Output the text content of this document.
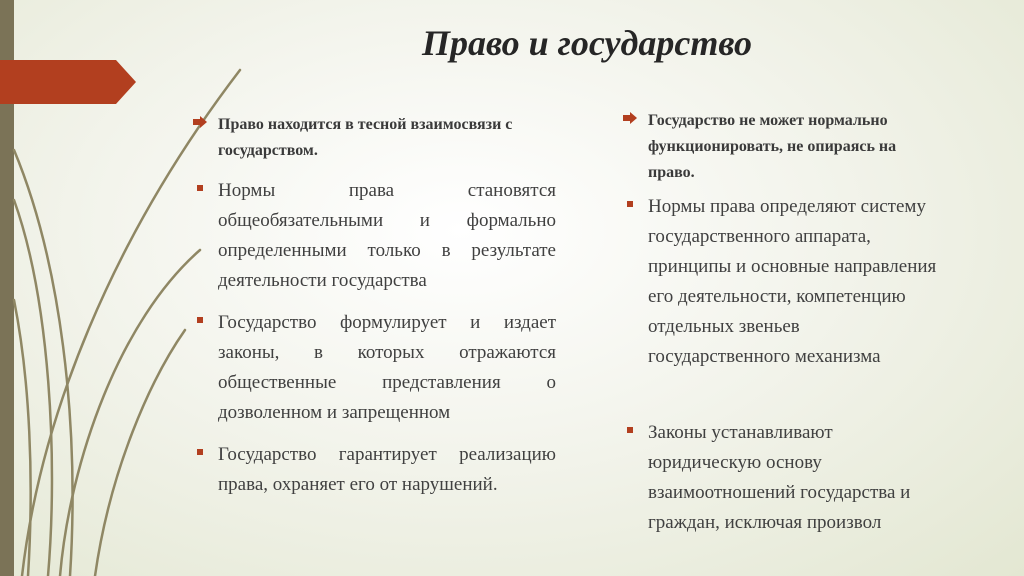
Право и государство
Право находится в тесной взаимосвязи с государством.
Нормы права становятся общеобязательными и формально определенными только в результате деятельности государства
Государство формулирует и издает законы, в которых отражаются общественные представления о дозволенном и запрещенном
Государство гарантирует реализацию права, охраняет его от нарушений.
Государство не может нормально функционировать, не опираясь на право.
Нормы права определяют систему государственного аппарата, принципы и основные направления его деятельности, компетенцию отдельных звеньев государственного механизма
Законы устанавливают юридическую основу взаимоотношений государства и граждан, исключая произвол
